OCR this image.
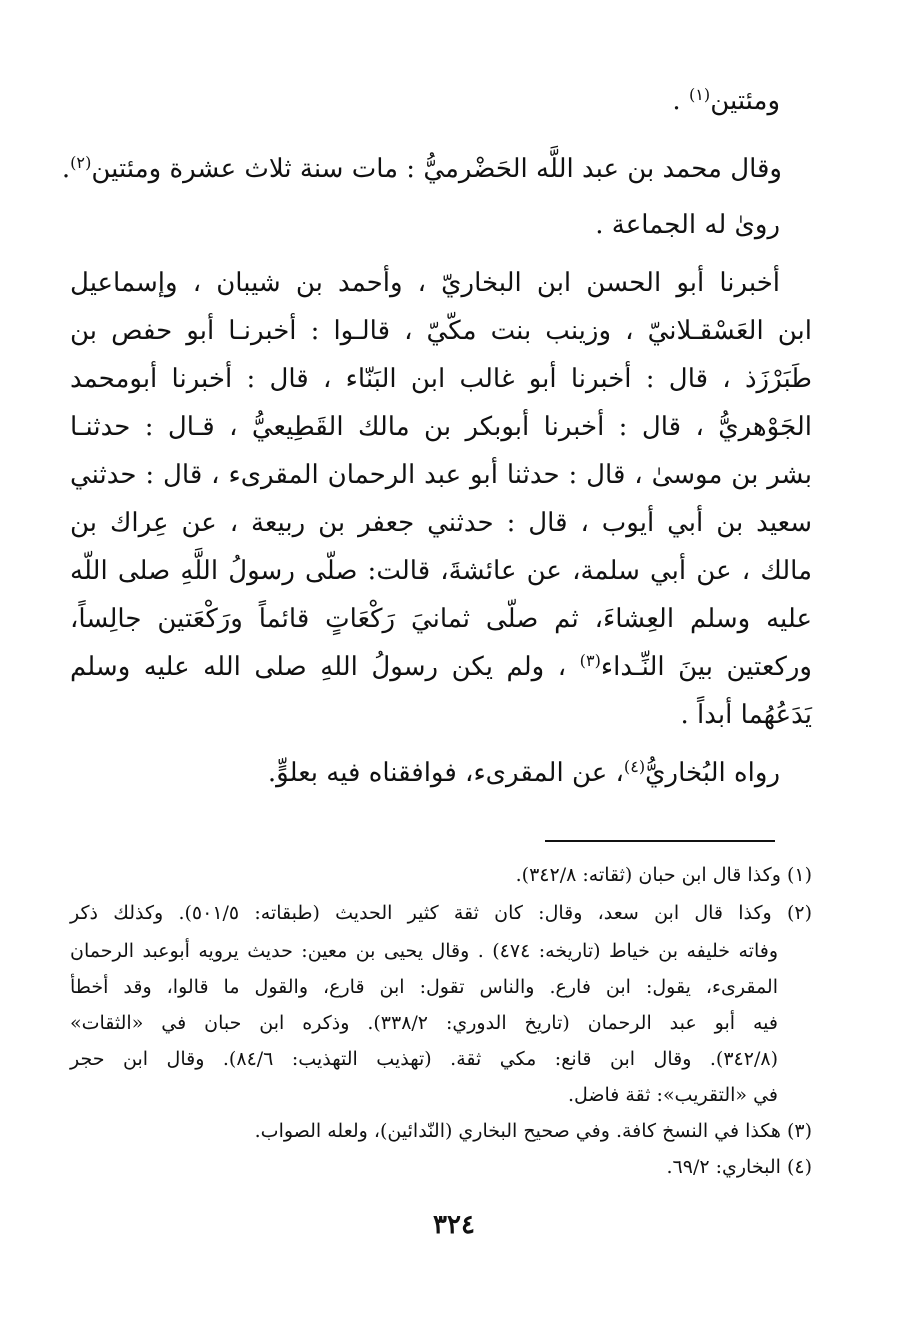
ومئتين$^{(١)}$ .
وقال محمد بن عبد اللَّه الحَضْرميُّ : مات سنة ثلاث عشرة ومئتين$^{(٢)}$.
روىٰ له الجماعة .
أخبرنا أبو الحسن ابن البخاريّ ، وأحمد بن شيبان ، وإسماعيل
ابن العَسْقـلانيّ ، وزينب بنت مكّيّ ، قالـوا : أخبرنـا أبو حفص بن
طَبَرْزَذ ، قال : أخبرنا أبو غالب ابن البَنّاء ، قال : أخبرنا أبومحمد
الجَوْهريُّ ، قال : أخبرنا أبوبكر بن مالك القَطِيعيُّ ، قـال : حدثنـا
بشر بن موسىٰ ، قال : حدثنا أبو عبد الرحمان المقرىء ، قال : حدثني
سعيد بن أبي أيوب ، قال : حدثني جعفر بن ربيعة ، عن عِراك بن
مالك ، عن أبي سلمة، عن عائشةَ، قالت: صلّى رسولُ اللَّهِ صلى اللّه
عليه وسلم العِشاءَ، ثم صلّى ثمانيَ رَكْعَاتٍ قائماً ورَكْعَتين جالِساً،
وركعتين بينَ النِّـداء$^{(٣)}$ ، ولم يكن رسولُ اللهِ صلى الله عليه وسلم
يَدَعُهُما أبداً .
رواه البُخاريُّ$^{(٤)}$، عن المقرىء، فوافقناه فيه بعلوٍّ.
(١) وكذا قال ابن حبان (ثقاته: ٣٤٢/٨).
(٢) وكذا قال ابن سعد، وقال: كان ثقة كثير الحديث (طبقاته: ٥٠١/٥). وكذلك ذكر
وفاته خليفه بن خياط (تاريخه: ٤٧٤) . وقال يحيى بن معين: حديث يرويه أبوعبد الرحمان
المقرىء، يقول: ابن فارع. والناس تقول: ابن قارع، والقول ما قالوا، وقد أخطأ
فيه أبو عبد الرحمان (تاريخ الدوري: ٣٣٨/٢). وذكره ابن حبان في «الثقات»
(٣٤٢/٨). وقال ابن قانع: مكي ثقة. (تهذيب التهذيب: ٨٤/٦). وقال ابن حجر
في «التقريب»: ثقة فاضل.
(٣) هكذا في النسخ كافة. وفي صحيح البخاري (النّدائين)، ولعله الصواب.
(٤) البخاري: ٦٩/٢.
٣٢٤
